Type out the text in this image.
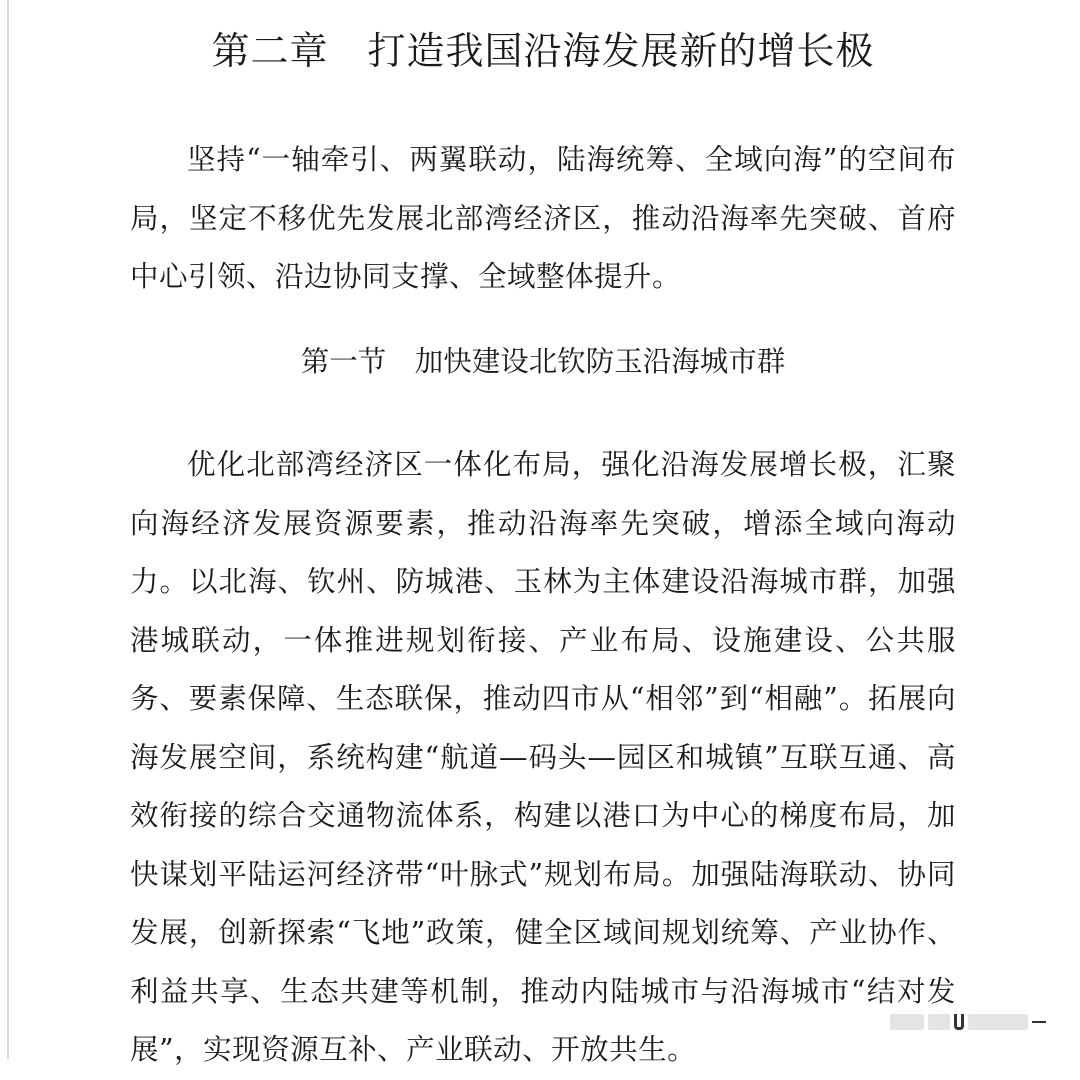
第二章　打造我国沿海发展新的增长极

坚持“一轴牵引、两翼联动，陆海统筹、全域向海”的空间布局，坚定不移优先发展北部湾经济区，推动沿海率先突破、首府中心引领、沿边协同支撑、全域整体提升。

第一节　加快建设北钦防玉沿海城市群

优化北部湾经济区一体化布局，强化沿海发展增长极，汇聚向海经济发展资源要素，推动沿海率先突破，增添全域向海动力。以北海、钦州、防城港、玉林为主体建设沿海城市群，加强港城联动，一体推进规划衔接、产业布局、设施建设、公共服务、要素保障、生态联保，推动四市从“相邻”到“相融”。拓展向海发展空间，系统构建“航道—码头—园区和城镇”互联互通、高效衔接的综合交通物流体系，构建以港口为中心的梯度布局，加快谋划平陆运河经济带“叶脉式”规划布局。加强陆海联动、协同发展，创新探索“飞地”政策，健全区域间规划统筹、产业协作、利益共享、生态共建等机制，推动内陆城市与沿海城市“结对发展”，实现资源互补、产业联动、开放共生。
